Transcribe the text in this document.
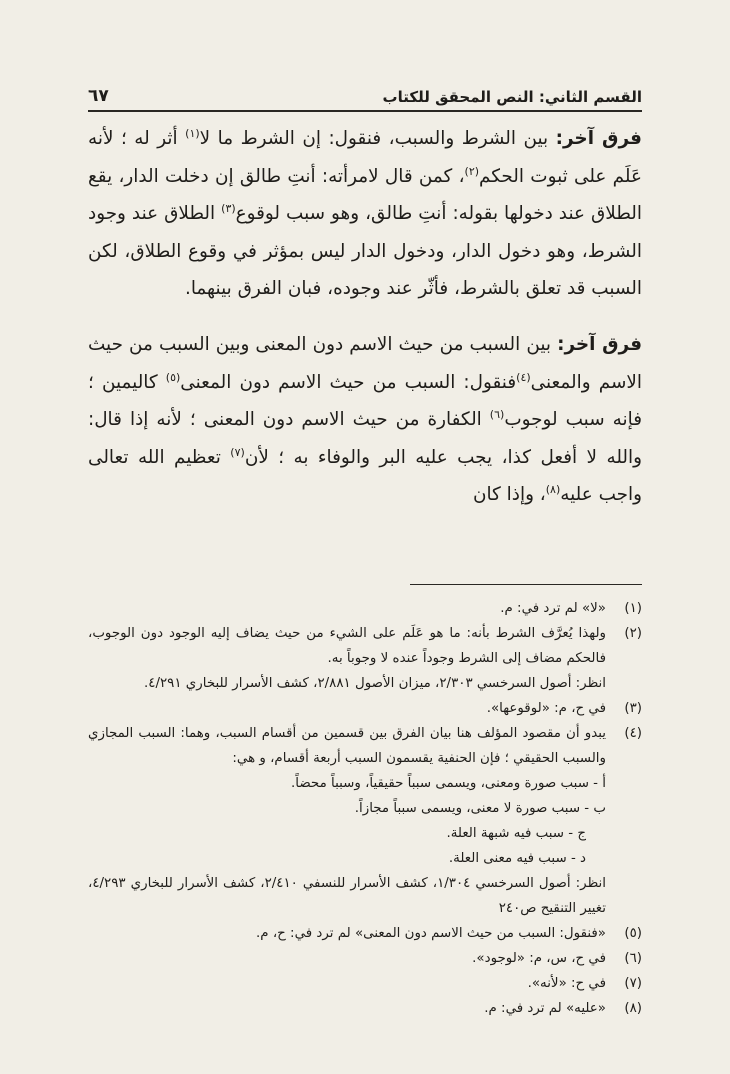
القسم الثاني: النص المحقق للكتاب
٦٧

فرق آخر: بين الشرط والسبب، فنقول: إن الشرط ما لا$^{(١)}$ أثر له ؛ لأنه عَلَم على ثبوت الحكم$^{(٢)}$، كمن قال لامرأته: أنتِ طالق إن دخلت الدار، يقع الطلاق عند دخولها بقوله: أنتِ طالق، وهو سبب لوقوع$^{(٣)}$ الطلاق عند وجود الشرط، وهو دخول الدار، ودخول الدار ليس بمؤثر في وقوع الطلاق، لكن السبب قد تعلق بالشرط، فأثّر عند وجوده، فبان الفرق بينهما.

فرق آخر: بين السبب من حيث الاسم دون المعنى وبين السبب من حيث الاسم والمعنى$^{(٤)}$فنقول: السبب من حيث الاسم دون المعنى$^{(٥)}$ كاليمين ؛ فإنه سبب لوجوب$^{(٦)}$ الكفارة من حيث الاسم دون المعنى ؛ لأنه إذا قال: والله لا أفعل كذا، يجب عليه البر والوفاء به ؛ لأن$^{(٧)}$ تعظيم الله تعالى واجب عليه$^{(٨)}$، وإذا كان

(١)
«لا» لم ترد في: م.
(٢)
ولهذا يُعرَّف الشرط بأنه: ما هو عَلَم على الشيء من حيث يضاف إليه الوجود دون الوجوب، فالحكم مضاف إلى الشرط وجوداً عنده لا وجوباً به.
انظر: أصول السرخسي ٢/٣٠٣، ميزان الأصول ٢/٨٨١، كشف الأسرار للبخاري ٤/٢٩١.
(٣)
في ح، م: «لوقوعها».
(٤)
يبدو أن مقصود المؤلف هنا بيان الفرق بين قسمين من أقسام السبب، وهما: السبب المجازي والسبب الحقيقي ؛ فإن الحنفية يقسمون السبب أربعة أقسام، و هي:
أ - سبب صورة ومعنى، ويسمى سبباً حقيقياً، وسبباً محضاً.
ب - سبب صورة لا معنى، ويسمى سبباً مجازاً.
ج - سبب فيه شبهة العلة.
د - سبب فيه معنى العلة.
انظر: أصول السرخسي ١/٣٠٤، كشف الأسرار للنسفي ٢/٤١٠، كشف الأسرار للبخاري ٤/٢٩٣، تغيير التنقيح ص٢٤٠
(٥)
«فنقول: السبب من حيث الاسم دون المعنى» لم ترد في: ح، م.
(٦)
في ح، س، م: «لوجود».
(٧)
في ح: «لأنه».
(٨)
«عليه» لم ترد في: م.
